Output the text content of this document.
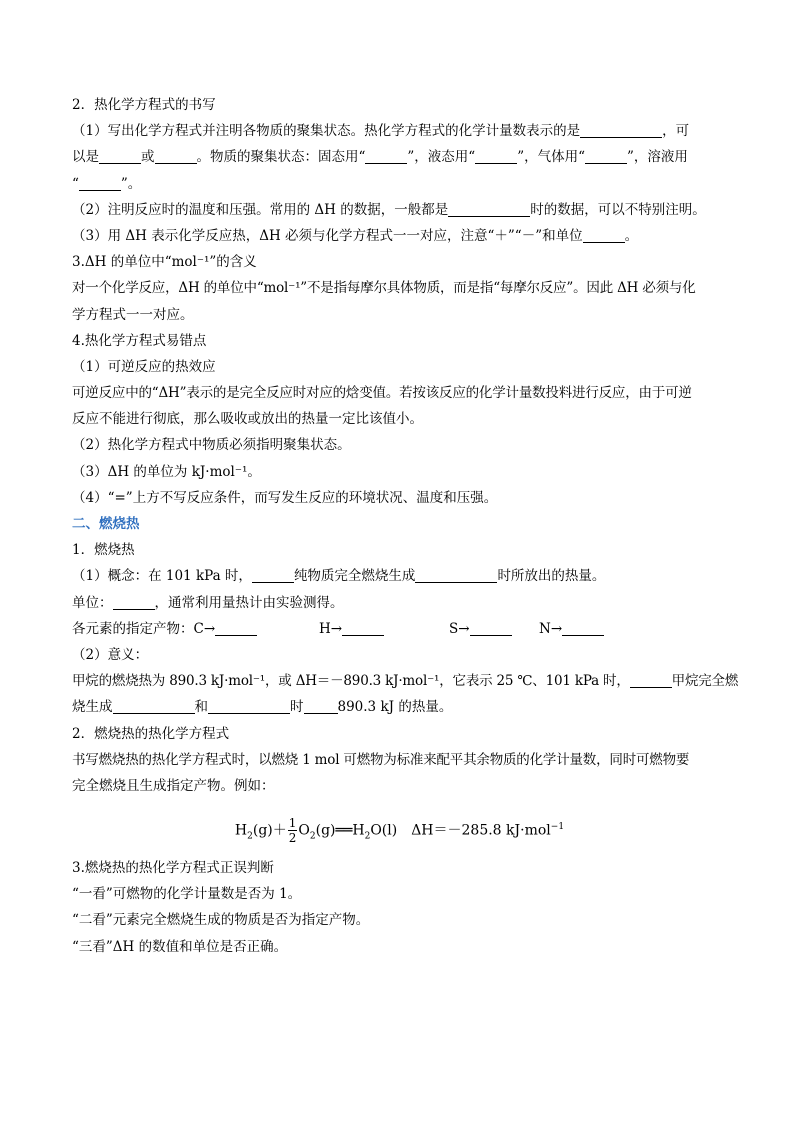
2．热化学方程式的书写
（1）写出化学方程式并注明各物质的聚集状态。热化学方程式的化学计量数表示的是	，可
以是	或	。物质的聚集状态：固态用“	”，液态用“	”，气体用“	”，溶液用
“	”。
（2）注明反应时的温度和压强。常用的 ΔH 的数据，一般都是	时的数据，可以不特别注明。
（3）用 ΔH 表示化学反应热，ΔH 必须与化学方程式一一对应，注意“＋”“－”和单位	。
3.ΔH 的单位中“mol⁻¹”的含义
对一个化学反应，ΔH 的单位中“mol⁻¹”不是指每摩尔具体物质，而是指“每摩尔反应”。因此 ΔH 必须与化
学方程式一一对应。
4.热化学方程式易错点
（1）可逆反应的热效应
可逆反应中的“ΔH”表示的是完全反应时对应的焓变值。若按该反应的化学计量数投料进行反应，由于可逆
反应不能进行彻底，那么吸收或放出的热量一定比该值小。
（2）热化学方程式中物质必须指明聚集状态。
（3）ΔH 的单位为 kJ·mol⁻¹。
（4）“=”上方不写反应条件，而写发生反应的环境状况、温度和压强。
二、燃烧热
1．燃烧热
（1）概念：在 101 kPa 时，	纯物质完全燃烧生成	时所放出的热量。
单位：	，通常利用量热计由实验测得。
各元素的指定产物：C→	H→	S→	N→
（2）意义：
甲烷的燃烧热为 890.3 kJ·mol⁻¹，或 ΔH＝－890.3 kJ·mol⁻¹，它表示 25 ℃、101 kPa 时，	甲烷完全燃
烧生成	和	时	890.3 kJ 的热量。
2．燃烧热的热化学方程式
书写燃烧热的热化学方程式时，以燃烧 1 mol 可燃物为标准来配平其余物质的化学计量数，同时可燃物要
完全燃烧且生成指定产物。例如：
$H_2(g)+ \frac{1}{2}$ $O_2(g)══H_2O(l)$　ΔH＝－285.8 kJ·mol$^{-1}$
3.燃烧热的热化学方程式正误判断
“一看”可燃物的化学计量数是否为 1。
“二看”元素完全燃烧生成的物质是否为指定产物。
“三看”ΔH 的数值和单位是否正确。
